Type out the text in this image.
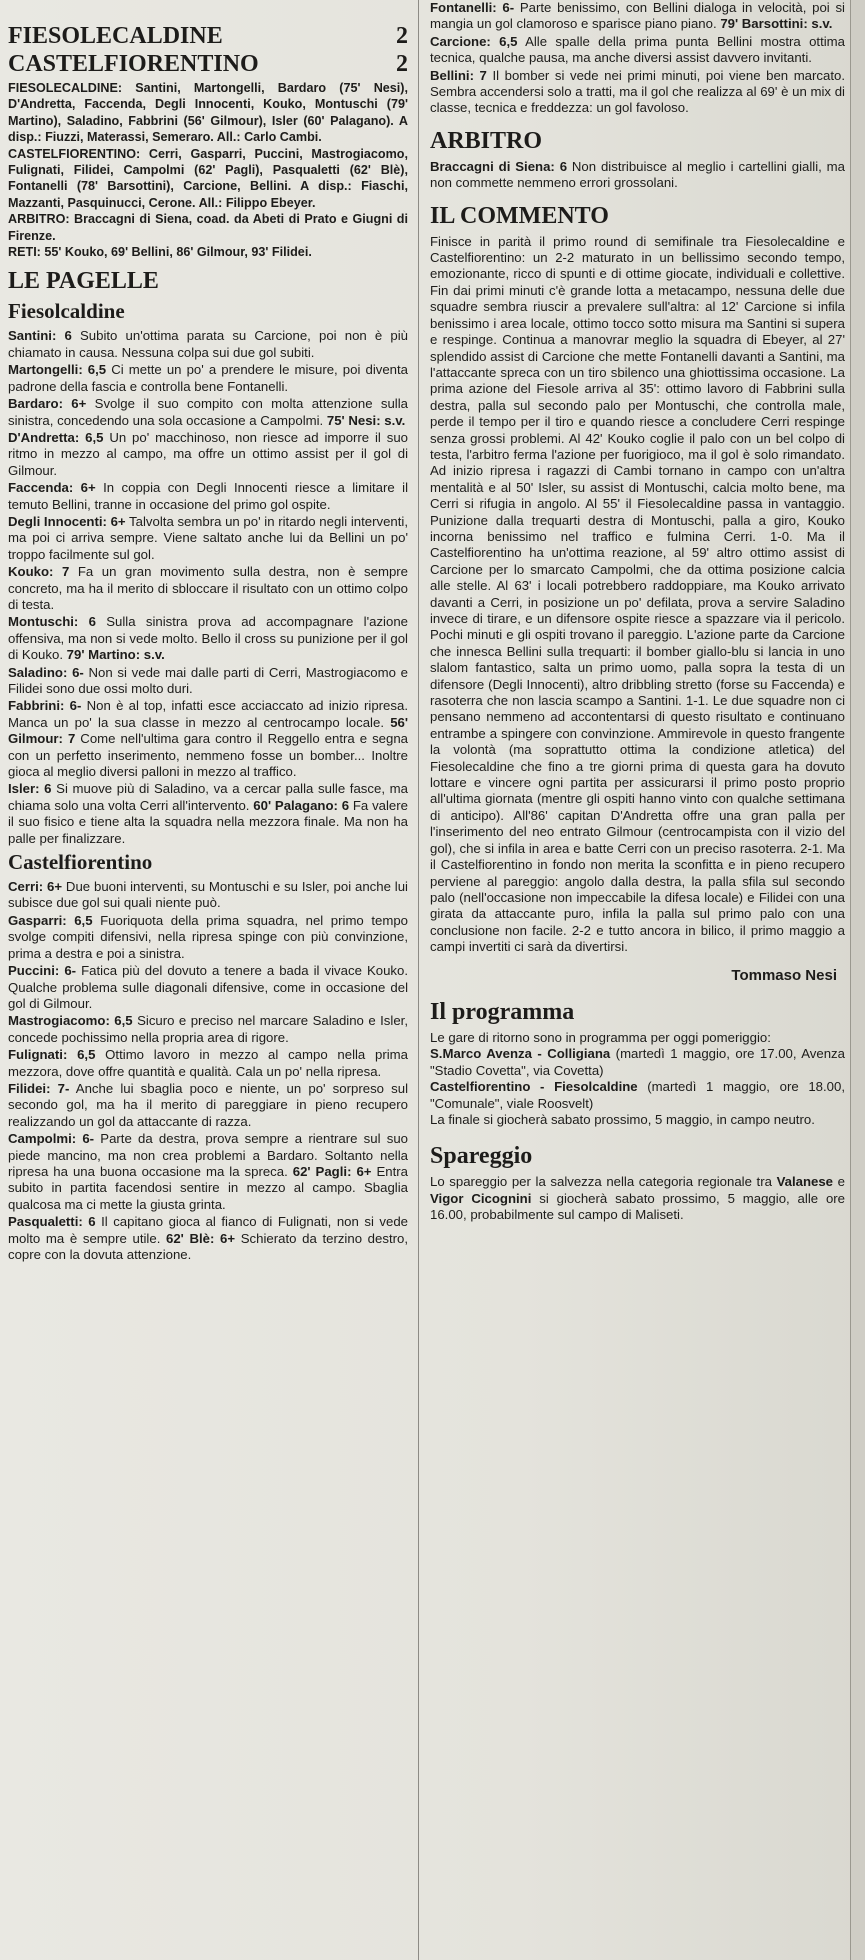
FIESOLECALDINE	2
CASTELFIORENTINO	2

FIESOLECALDINE: Santini, Martongelli, Bardaro (75' Nesi), D'Andretta, Faccenda, Degli Innocenti, Kouko, Montuschi (79' Martino), Saladino, Fabbrini (56' Gilmour), Isler (60' Palagano). A disp.: Fiuzzi, Materassi, Semeraro. All.: Carlo Cambi.

CASTELFIORENTINO: Cerri, Gasparri, Puccini, Mastrogiacomo, Fulignati, Filidei, Campolmi (62' Pagli), Pasqualetti (62' Blè), Fontanelli (78' Barsottini), Carcione, Bellini. A disp.: Fiaschi, Mazzanti, Pasquinucci, Cerone. All.: Filippo Ebeyer.

ARBITRO: Braccagni di Siena, coad. da Abeti di Prato e Giugni di Firenze.

RETI: 55' Kouko, 69' Bellini, 86' Gilmour, 93' Filidei.

LE PAGELLE
Fiesolcaldine

Santini: 6 Subito un'ottima parata su Carcione, poi non è più chiamato in causa. Nessuna colpa sui due gol subiti.

Martongelli: 6,5 Ci mette un po' a prendere le misure, poi diventa padrone della fascia e controlla bene Fontanelli.

Bardaro: 6+ Svolge il suo compito con molta attenzione sulla sinistra, concedendo una sola occasione a Campolmi. 75' Nesi: s.v.

D'Andretta: 6,5 Un po' macchinoso, non riesce ad imporre il suo ritmo in mezzo al campo, ma offre un ottimo assist per il gol di Gilmour.

Faccenda: 6+ In coppia con Degli Innocenti riesce a limitare il temuto Bellini, tranne in occasione del primo gol ospite.

Degli Innocenti: 6+ Talvolta sembra un po' in ritardo negli interventi, ma poi ci arriva sempre. Viene saltato anche lui da Bellini un po' troppo facilmente sul gol.

Kouko: 7 Fa un gran movimento sulla destra, non è sempre concreto, ma ha il merito di sbloccare il risultato con un ottimo colpo di testa.

Montuschi: 6 Sulla sinistra prova ad accompagnare l'azione offensiva, ma non si vede molto. Bello il cross su punizione per il gol di Kouko. 79' Martino: s.v.

Saladino: 6- Non si vede mai dalle parti di Cerri, Mastrogiacomo e Filidei sono due ossi molto duri.

Fabbrini: 6- Non è al top, infatti esce acciaccato ad inizio ripresa. Manca un po' la sua classe in mezzo al centrocampo locale. 56' Gilmour: 7 Come nell'ultima gara contro il Reggello entra e segna con un perfetto inserimento, nemmeno fosse un bomber... Inoltre gioca al meglio diversi palloni in mezzo al traffico.

Isler: 6 Si muove più di Saladino, va a cercar palla sulle fasce, ma chiama solo una volta Cerri all'intervento. 60' Palagano: 6 Fa valere il suo fisico e tiene alta la squadra nella mezzora finale. Ma non ha palle per finalizzare.

Castelfiorentino

Cerri: 6+ Due buoni interventi, su Montuschi e su Isler, poi anche lui subisce due gol sui quali niente può.

Gasparri: 6,5 Fuoriquota della prima squadra, nel primo tempo svolge compiti difensivi, nella ripresa spinge con più convinzione, prima a destra e poi a sinistra.

Puccini: 6- Fatica più del dovuto a tenere a bada il vivace Kouko. Qualche problema sulle diagonali difensive, come in occasione del gol di Gilmour.

Mastrogiacomo: 6,5 Sicuro e preciso nel marcare Saladino e Isler, concede pochissimo nella propria area di rigore.

Fulignati: 6,5 Ottimo lavoro in mezzo al campo nella prima mezzora, dove offre quantità e qualità. Cala un po' nella ripresa.

Filidei: 7- Anche lui sbaglia poco e niente, un po' sorpreso sul secondo gol, ma ha il merito di pareggiare in pieno recupero realizzando un gol da attaccante di razza.

Campolmi: 6- Parte da destra, prova sempre a rientrare sul suo piede mancino, ma non crea problemi a Bardaro. Soltanto nella ripresa ha una buona occasione ma la spreca. 62' Pagli: 6+ Entra subito in partita facendosi sentire in mezzo al campo. Sbaglia qualcosa ma ci mette la giusta grinta.

Pasqualetti: 6 Il capitano gioca al fianco di Fulignati, non si vede molto ma è sempre utile. 62' Blè: 6+ Schierato da terzino destro, copre con la dovuta attenzione.

Fontanelli: 6- Parte benissimo, con Bellini dialoga in velocità, poi si mangia un gol clamoroso e sparisce piano piano. 79' Barsottini: s.v.

Carcione: 6,5 Alle spalle della prima punta Bellini mostra ottima tecnica, qualche pausa, ma anche diversi assist davvero invitanti.

Bellini: 7 Il bomber si vede nei primi minuti, poi viene ben marcato. Sembra accendersi solo a tratti, ma il gol che realizza al 69' è un mix di classe, tecnica e freddezza: un gol favoloso.

ARBITRO

Braccagni di Siena: 6 Non distribuisce al meglio i cartellini gialli, ma non commette nemmeno errori grossolani.

IL COMMENTO

Finisce in parità il primo round di semifinale tra Fiesolecaldine e Castelfiorentino: un 2-2 maturato in un bellissimo secondo tempo, emozionante, ricco di spunti e di ottime giocate, individuali e collettive. Fin dai primi minuti c'è grande lotta a metacampo, nessuna delle due squadre sembra riuscir a prevalere sull'altra: al 12' Carcione si infila benissimo i area locale, ottimo tocco sotto misura ma Santini si supera e respinge. Continua a manovrar meglio la squadra di Ebeyer, al 27' splendido assist di Carcione che mette Fontanelli davanti a Santini, ma l'attaccante spreca con un tiro sbilenco una ghiottissima occasione. La prima azione del Fiesole arriva al 35': ottimo lavoro di Fabbrini sulla destra, palla sul secondo palo per Montuschi, che controlla male, perde il tempo per il tiro e quando riesce a concludere Cerri respinge senza grossi problemi. Al 42' Kouko coglie il palo con un bel colpo di testa, l'arbitro ferma l'azione per fuorigioco, ma il gol è solo rimandato. Ad inizio ripresa i ragazzi di Cambi tornano in campo con un'altra mentalità e al 50' Isler, su assist di Montuschi, calcia molto bene, ma Cerri si rifugia in angolo. Al 55' il Fiesolecaldine passa in vantaggio. Punizione dalla trequarti destra di Montuschi, palla a giro, Kouko incorna benissimo nel traffico e fulmina Cerri. 1-0. Ma il Castelfiorentino ha un'ottima reazione, al 59' altro ottimo assist di Carcione per lo smarcato Campolmi, che da ottima posizione calcia alle stelle. Al 63' i locali potrebbero raddoppiare, ma Kouko arrivato davanti a Cerri, in posizione un po' defilata, prova a servire Saladino invece di tirare, e un difensore ospite riesce a spazzare via il pericolo. Pochi minuti e gli ospiti trovano il pareggio. L'azione parte da Carcione che innesca Bellini sulla trequarti: il bomber giallo-blu si lancia in uno slalom fantastico, salta un primo uomo, palla sopra la testa di un difensore (Degli Innocenti), altro dribbling stretto (forse su Faccenda) e rasoterra che non lascia scampo a Santini. 1-1. Le due squadre non ci pensano nemmeno ad accontentarsi di questo risultato e continuano entrambe a spingere con convinzione. Ammirevole in questo frangente la volontà (ma soprattutto ottima la condizione atletica) del Fiesolecaldine che fino a tre giorni prima di questa gara ha dovuto lottare e vincere ogni partita per assicurarsi il primo posto proprio all'ultima giornata (mentre gli ospiti hanno vinto con qualche settimana di anticipo). All'86' capitan D'Andretta offre una gran palla per l'inserimento del neo entrato Gilmour (centrocampista con il vizio del gol), che si infila in area e batte Cerri con un preciso rasoterra. 2-1. Ma il Castelfiorentino in fondo non merita la sconfitta e in pieno recupero perviene al pareggio: angolo dalla destra, la palla sfila sul secondo palo (nell'occasione non impeccabile la difesa locale) e Filidei con una girata da attaccante puro, infila la palla sul primo palo con una conclusione non facile. 2-2 e tutto ancora in bilico, il primo maggio a campi invertiti ci sarà da divertirsi.

Tommaso Nesi
Il programma

Le gare di ritorno sono in programma per oggi pomeriggio:

S.Marco Avenza - Colligiana (martedì 1 maggio, ore 17.00, Avenza "Stadio Covetta", via Covetta)

Castelfiorentino - Fiesolcaldine (martedì 1 maggio, ore 18.00, "Comunale", viale Roosvelt)

La finale si giocherà sabato prossimo, 5 maggio, in campo neutro.

Spareggio

Lo spareggio per la salvezza nella categoria regionale tra Valanese e Vigor Cicognini si giocherà sabato prossimo, 5 maggio, alle ore 16.00, probabilmente sul campo di Maliseti.
